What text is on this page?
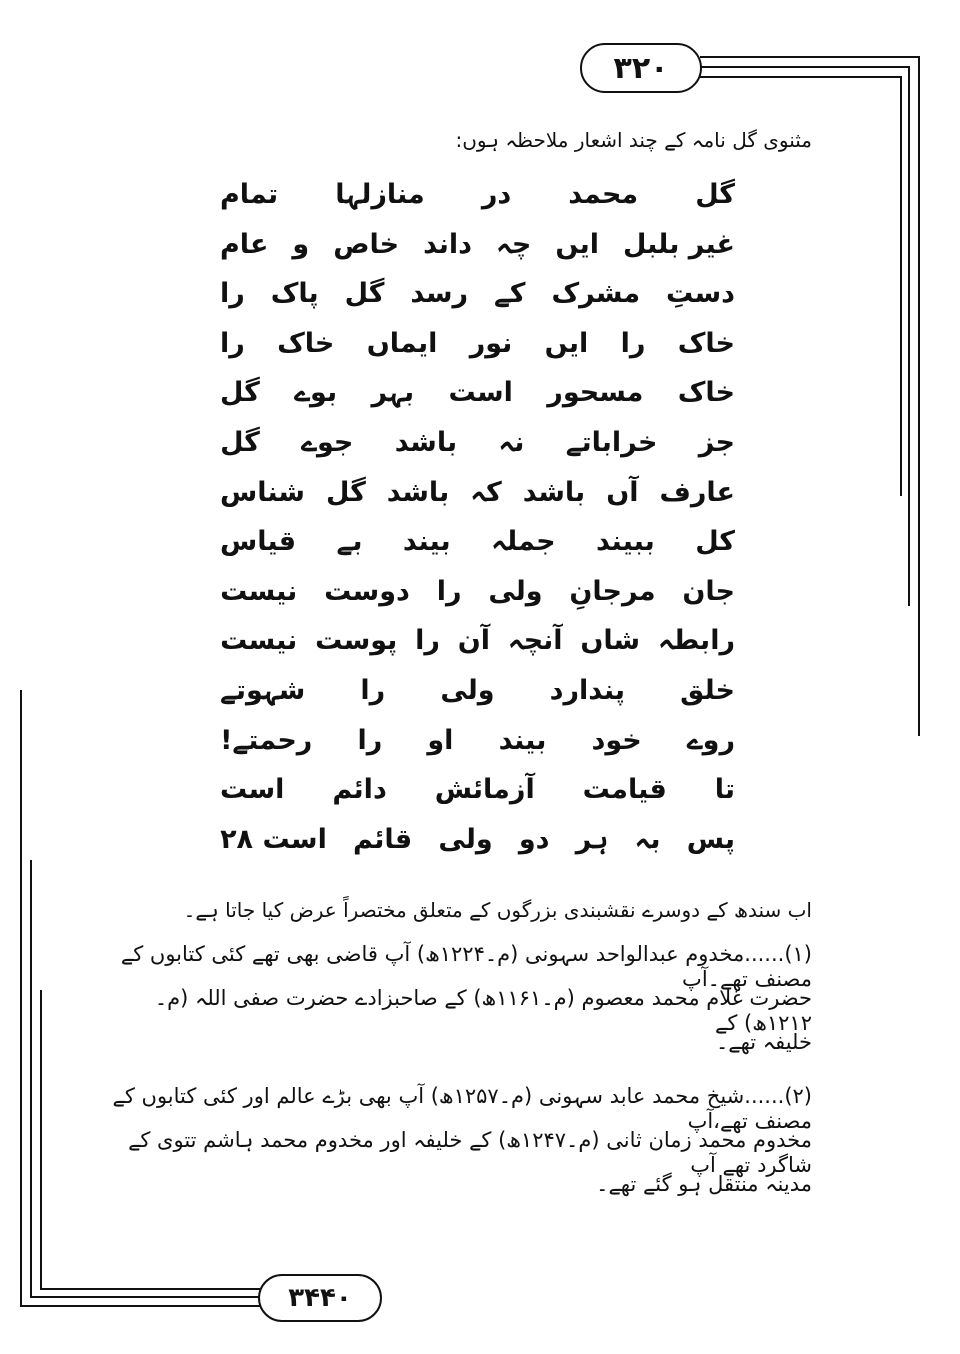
۳۲۰
۳۴۴۰
مثنوی گل نامہ کے چند اشعار ملاحظہ ہوں:
گل
محمد
در
منازلہا
تمام
غیر بلبل
ایں
چہ
داند
خاص
و
عام
دستِ
مشرک
کے
رسد
گل
پاک
را
خاک
را
ایں
نور
ایماں
خاک
را
خاک
مسحور
است
بہر
بوے
گل
جز
خراباتے
نہ
باشد
جوے
گل
عارف
آں
باشد
کہ
باشد
گل
شناس
کل
ببیند
جملہ
بیند
بے
قیاس
جان
مرجانِ
ولی
را
دوست
نیست
رابطہ
شاں
آنچہ
آن
را
پوست
نیست
خلق
پندارد
ولی
را
شہوتے
روے
خود
بیند
او
را
رحمتے!
تا
قیامت
آزمائش
دائم
است
پس
بہ
ہر
دو
ولی
قائم
است ۲۸
اب سندھ کے دوسرے نقشبندی بزرگوں کے متعلق مختصراً عرض کیا جاتا ہے۔
(۱)......مخدوم عبدالواحد سہونی (م۔۱۲۲۴ھ) آپ قاضی بھی تھے کئی کتابوں کے مصنف تھے۔آپ
حضرت غلام محمد معصوم (م۔۱۱۶۱ھ) کے صاحبزادے حضرت صفی اللہ (م۔۱۲۱۲ھ) کے
خلیفہ تھے۔
(۲)......شیخ محمد عابد سہونی (م۔۱۲۵۷ھ) آپ بھی بڑے عالم اور کئی کتابوں کے مصنف تھے،آپ
مخدوم محمد زمان ثانی (م۔۱۲۴۷ھ) کے خلیفہ اور مخدوم محمد ہاشم تتوی کے شاگرد تھے آپ
مدینہ منتقل ہو گئے تھے۔
